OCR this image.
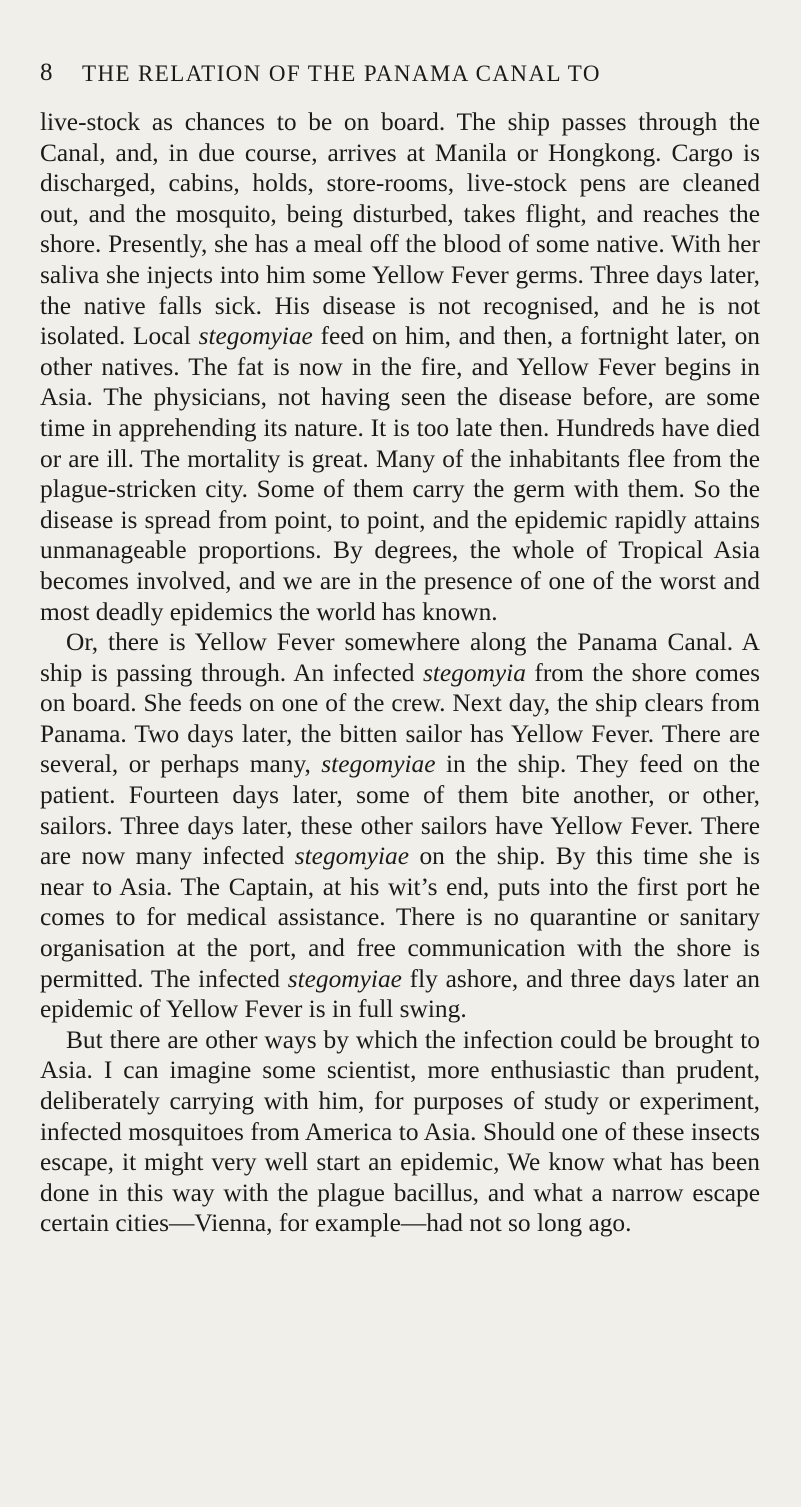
8 THE RELATION OF THE PANAMA CANAL TO

live-stock as chances to be on board. The ship passes through the Canal, and, in due course, arrives at Manila or Hongkong. Cargo is discharged, cabins, holds, store-rooms, live-stock pens are cleaned out, and the mosquito, being disturbed, takes flight, and reaches the shore. Presently, she has a meal off the blood of some native. With her saliva she injects into him some Yellow Fever germs. Three days later, the native falls sick. His disease is not recognised, and he is not isolated. Local stegomyiae feed on him, and then, a fortnight later, on other natives. The fat is now in the fire, and Yellow Fever begins in Asia. The physicians, not having seen the disease before, are some time in apprehending its nature. It is too late then. Hundreds have died or are ill. The mortality is great. Many of the inhabitants flee from the plague-stricken city. Some of them carry the germ with them. So the disease is spread from point, to point, and the epidemic rapidly attains unmanageable proportions. By degrees, the whole of Tropical Asia becomes involved, and we are in the presence of one of the worst and most deadly epidemics the world has known.

Or, there is Yellow Fever somewhere along the Panama Canal. A ship is passing through. An infected stegomyia from the shore comes on board. She feeds on one of the crew. Next day, the ship clears from Panama. Two days later, the bitten sailor has Yellow Fever. There are several, or perhaps many, stegomyiae in the ship. They feed on the patient. Fourteen days later, some of them bite another, or other, sailors. Three days later, these other sailors have Yellow Fever. There are now many infected stegomyiae on the ship. By this time she is near to Asia. The Captain, at his wit’s end, puts into the first port he comes to for medical assistance. There is no quarantine or sanitary organisation at the port, and free communication with the shore is permitted. The infected stegomyiae fly ashore, and three days later an epidemic of Yellow Fever is in full swing.

But there are other ways by which the infection could be brought to Asia. I can imagine some scientist, more enthusiastic than prudent, deliberately carrying with him, for purposes of study or experiment, infected mosquitoes from America to Asia. Should one of these insects escape, it might very well start an epidemic, We know what has been done in this way with the plague bacillus, and what a narrow escape certain cities—Vienna, for example—had not so long ago.
